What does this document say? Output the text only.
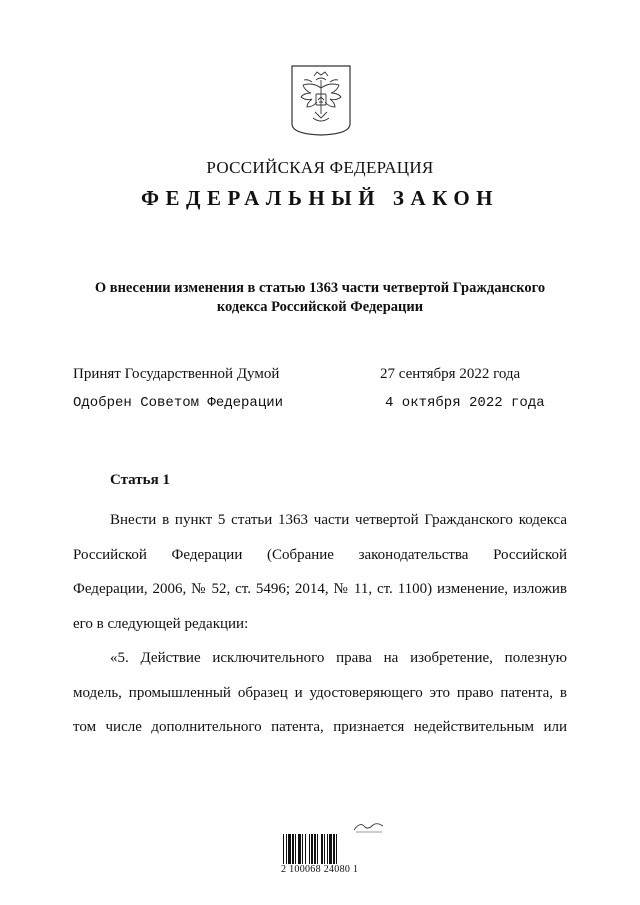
РОССИЙСКАЯ ФЕДЕРАЦИЯ
ФЕДЕРАЛЬНЫЙ ЗАКОН
О внесении изменения в статью 1363 части четвертой Гражданского
кодекса Российской Федерации
Принят Государственной Думой	27 сентября 2022 года
Одобрен Советом Федерации	4 октября 2022 года
Статья 1
Внести в пункт 5 статьи 1363 части четвертой Гражданского кодекса
Российской Федерации (Собрание законодательства Российской
Федерации, 2006, № 52, ст. 5496; 2014, № 11, ст. 1100) изменение, изложив
его в следующей редакции:
«5. Действие исключительного права на изобретение, полезную
модель, промышленный образец и удостоверяющего это право патента, в
том числе дополнительного патента, признается недействительным или
2 100068 24080 1
